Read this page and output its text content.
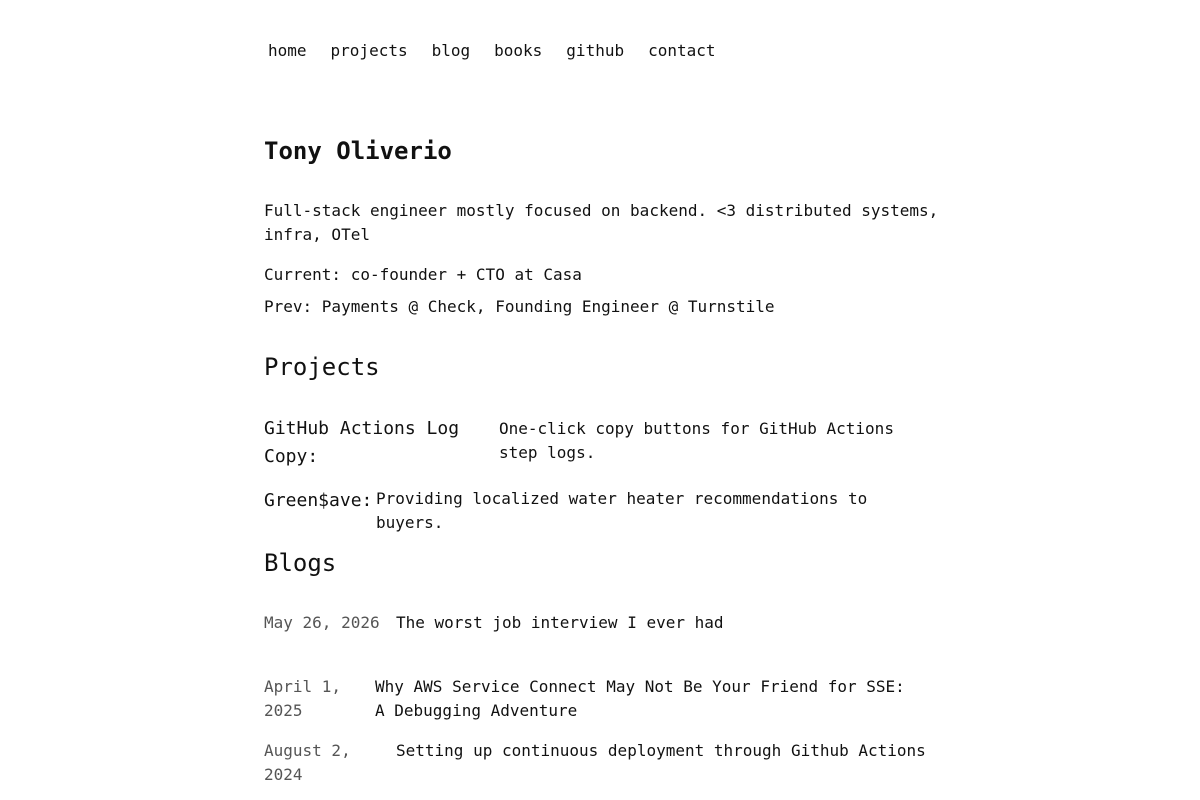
home projects blog books github contact
Tony Oliverio

Full-stack engineer mostly focused on backend. <3 distributed systems, infra, OTel

Current: co-founder + CTO at Casa

Prev: Payments @ Check, Founding Engineer @ Turnstile

Projects
GitHub Actions Log Copy:
One-click copy buttons for GitHub Actions step logs.
Green$ave: Providing localized water heater recommendations to buyers.
Blogs
May 26, 2026	The worst job interview I ever had
April 1, 2025
Why AWS Service Connect May Not Be Your Friend for SSE: A Debugging Adventure
August 2, 2024
Setting up continuous deployment through Github Actions
